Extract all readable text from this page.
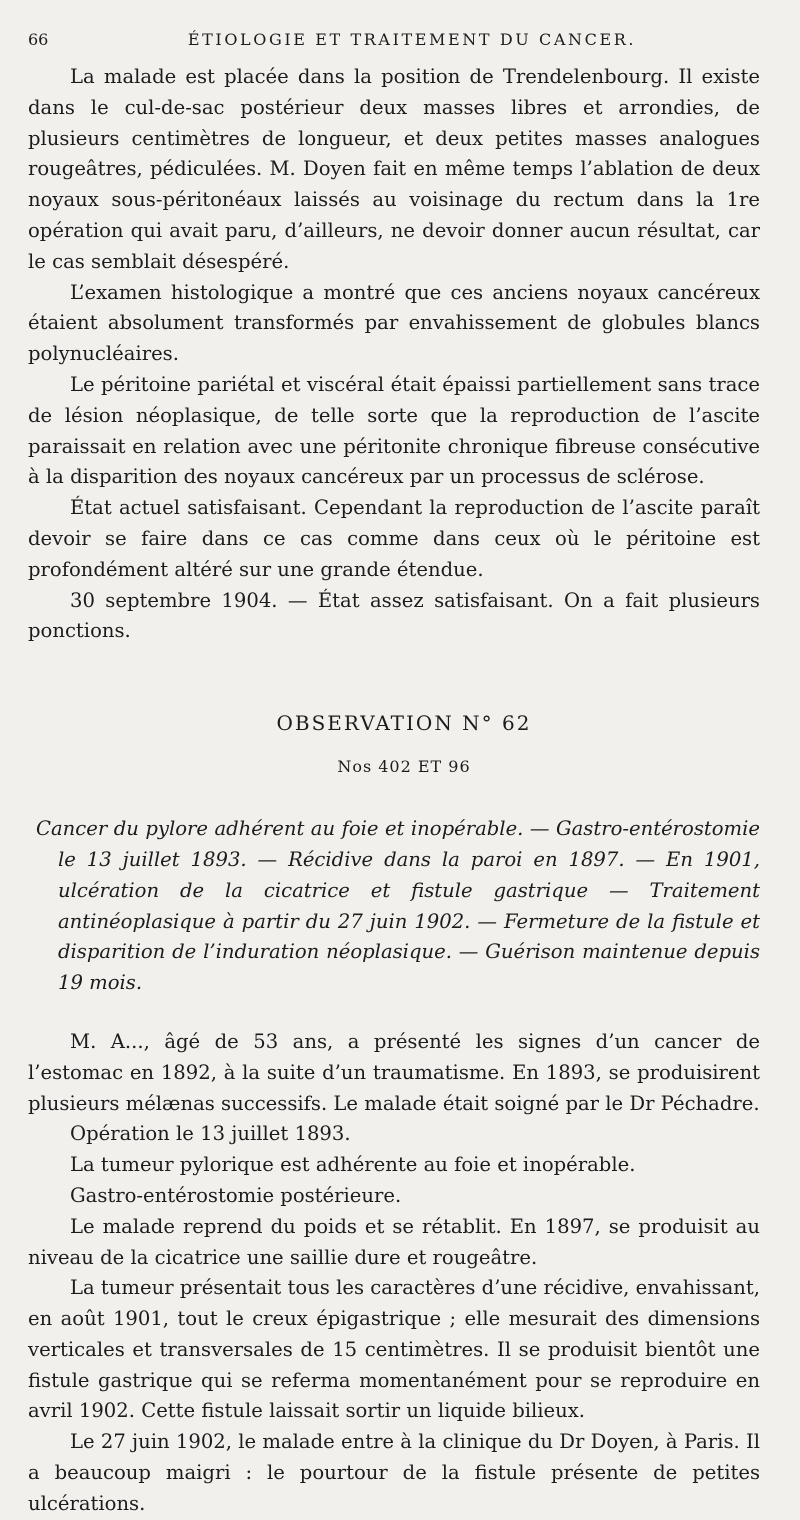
66	ÉTIOLOGIE ET TRAITEMENT DU CANCER.

La malade est placée dans la position de Trendelenbourg. Il existe dans le cul-de-sac postérieur deux masses libres et arrondies, de plusieurs centimètres de longueur, et deux petites masses analogues rougeâtres, pédiculées. M. Doyen fait en même temps l’ablation de deux noyaux sous-péritonéaux laissés au voisinage du rectum dans la 1re opération qui avait paru, d’ailleurs, ne devoir donner aucun résultat, car le cas semblait désespéré.

L’examen histologique a montré que ces anciens noyaux cancéreux étaient absolument transformés par envahissement de globules blancs polynucléaires.

Le péritoine pariétal et viscéral était épaissi partiellement sans trace de lésion néoplasique, de telle sorte que la reproduction de l’ascite paraissait en relation avec une péritonite chronique fibreuse consécutive à la disparition des noyaux cancéreux par un processus de sclérose.

État actuel satisfaisant. Cependant la reproduction de l’ascite paraît devoir se faire dans ce cas comme dans ceux où le péritoine est profondément altéré sur une grande étendue.

30 septembre 1904. — État assez satisfaisant. On a fait plusieurs ponctions.

OBSERVATION N° 62
Nos 402 ET 96

Cancer du pylore adhérent au foie et inopérable. — Gastro-entérostomie le 13 juillet 1893. — Récidive dans la paroi en 1897. — En 1901, ulcération de la cicatrice et fistule gastrique — Traitement antinéoplasique à partir du 27 juin 1902. — Fermeture de la fistule et disparition de l’induration néoplasique. — Guérison maintenue depuis 19 mois.

M. A..., âgé de 53 ans, a présenté les signes d’un cancer de l’estomac en 1892, à la suite d’un traumatisme. En 1893, se produisirent plusieurs mélænas successifs. Le malade était soigné par le Dr Péchadre.

Opération le 13 juillet 1893.

La tumeur pylorique est adhérente au foie et inopérable.

Gastro-entérostomie postérieure.

Le malade reprend du poids et se rétablit. En 1897, se produisit au niveau de la cicatrice une saillie dure et rougeâtre.

La tumeur présentait tous les caractères d’une récidive, envahissant, en août 1901, tout le creux épigastrique ; elle mesurait des dimensions verticales et transversales de 15 centimètres. Il se produisit bientôt une fistule gastrique qui se referma momentanément pour se reproduire en avril 1902. Cette fistule laissait sortir un liquide bilieux.

Le 27 juin 1902, le malade entre à la clinique du Dr Doyen, à Paris. Il a beaucoup maigri : le pourtour de la fistule présente de petites ulcérations.
